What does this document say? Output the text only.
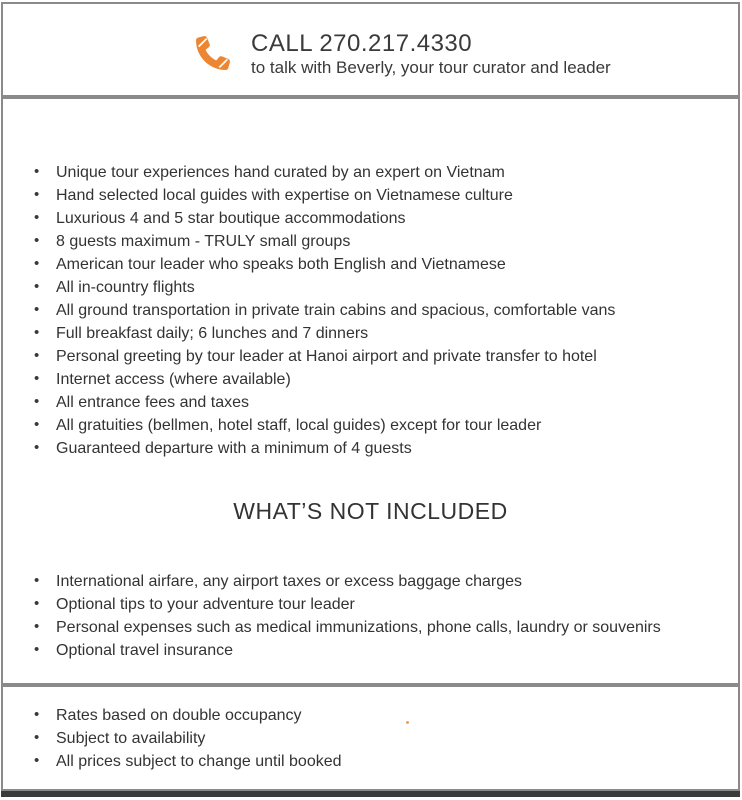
CALL 270.217.4330
to talk with Beverly, your tour curator and leader
• Unique tour experiences hand curated by an expert on Vietnam
• Hand selected local guides with expertise on Vietnamese culture
• Luxurious 4 and 5 star boutique accommodations
• 8 guests maximum - TRULY small groups
• American tour leader who speaks both English and Vietnamese
• All in-country flights
• All ground transportation in private train cabins and spacious, comfortable vans
• Full breakfast daily; 6 lunches and 7 dinners
• Personal greeting by tour leader at Hanoi airport and private transfer to hotel
• Internet access (where available)
• All entrance fees and taxes
• All gratuities (bellmen, hotel staff, local guides) except for tour leader
• Guaranteed departure with a minimum of 4 guests
WHAT’S NOT INCLUDED
• International airfare, any airport taxes or excess baggage charges
• Optional tips to your adventure tour leader
• Personal expenses such as medical immunizations, phone calls, laundry or souvenirs
• Optional travel insurance
• Rates based on double occupancy
• Subject to availability
• All prices subject to change until booked
